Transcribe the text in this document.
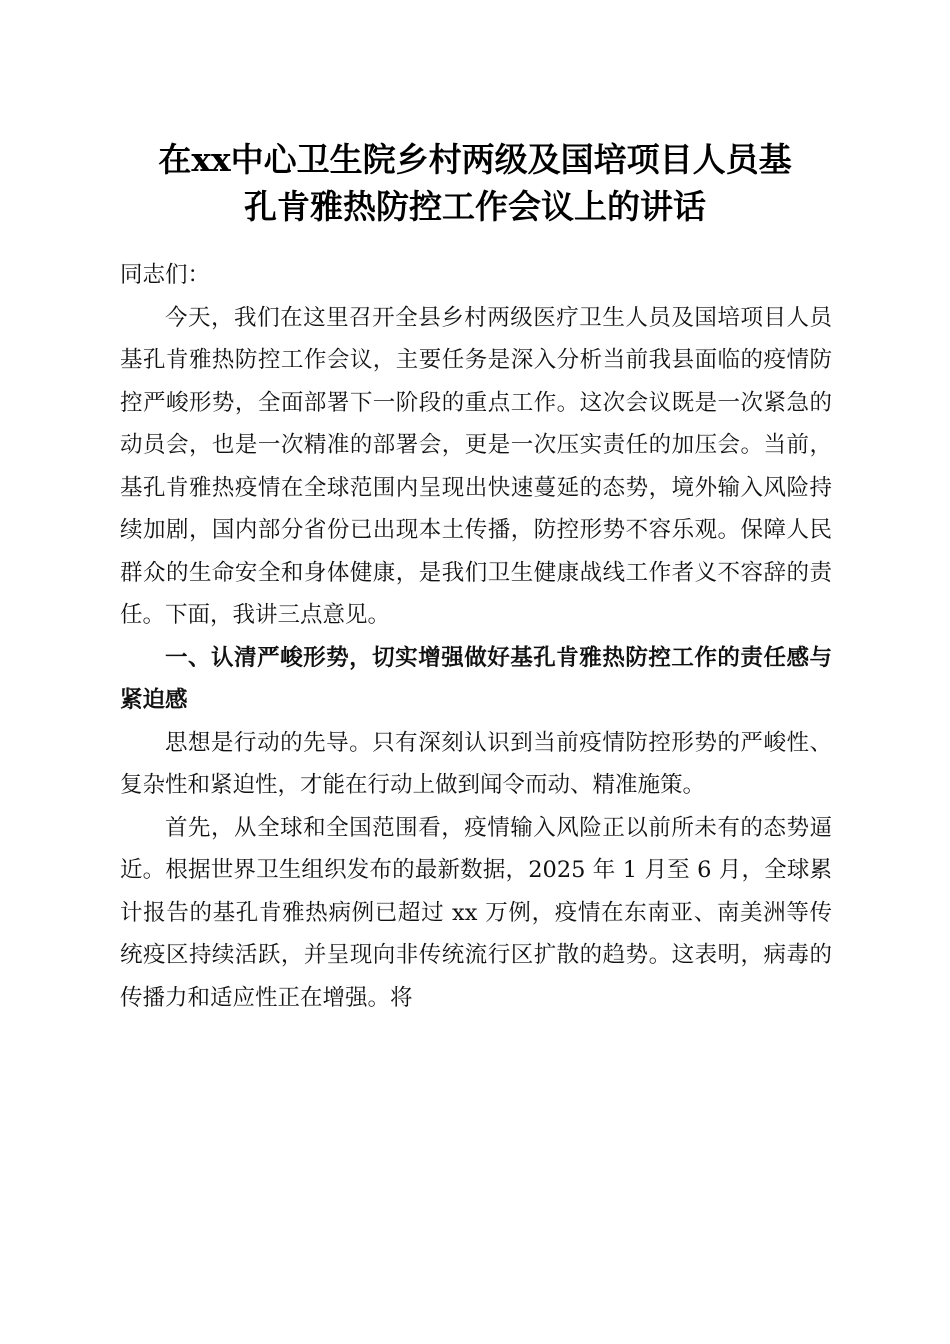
在xx中心卫生院乡村两级及国培项目人员基
孔肯雅热防控工作会议上的讲话

同志们：

今天，我们在这里召开全县乡村两级医疗卫生人员及国培项目人员基孔肯雅热防控工作会议，主要任务是深入分析当前我县面临的疫情防控严峻形势，全面部署下一阶段的重点工作。这次会议既是一次紧急的动员会，也是一次精准的部署会，更是一次压实责任的加压会。当前，基孔肯雅热疫情在全球范围内呈现出快速蔓延的态势，境外输入风险持续加剧，国内部分省份已出现本土传播，防控形势不容乐观。保障人民群众的生命安全和身体健康，是我们卫生健康战线工作者义不容辞的责任。下面，我讲三点意见。

一、认清严峻形势，切实增强做好基孔肯雅热防控工作的责任感与紧迫感

思想是行动的先导。只有深刻认识到当前疫情防控形势的严峻性、复杂性和紧迫性，才能在行动上做到闻令而动、精准施策。

首先，从全球和全国范围看，疫情输入风险正以前所未有的态势逼近。根据世界卫生组织发布的最新数据，2025 年 1 月至 6 月，全球累计报告的基孔肯雅热病例已超过 xx 万例，疫情在东南亚、南美洲等传统疫区持续活跃，并呈现向非传统流行区扩散的趋势。这表明，病毒的传播力和适应性正在增强。将
